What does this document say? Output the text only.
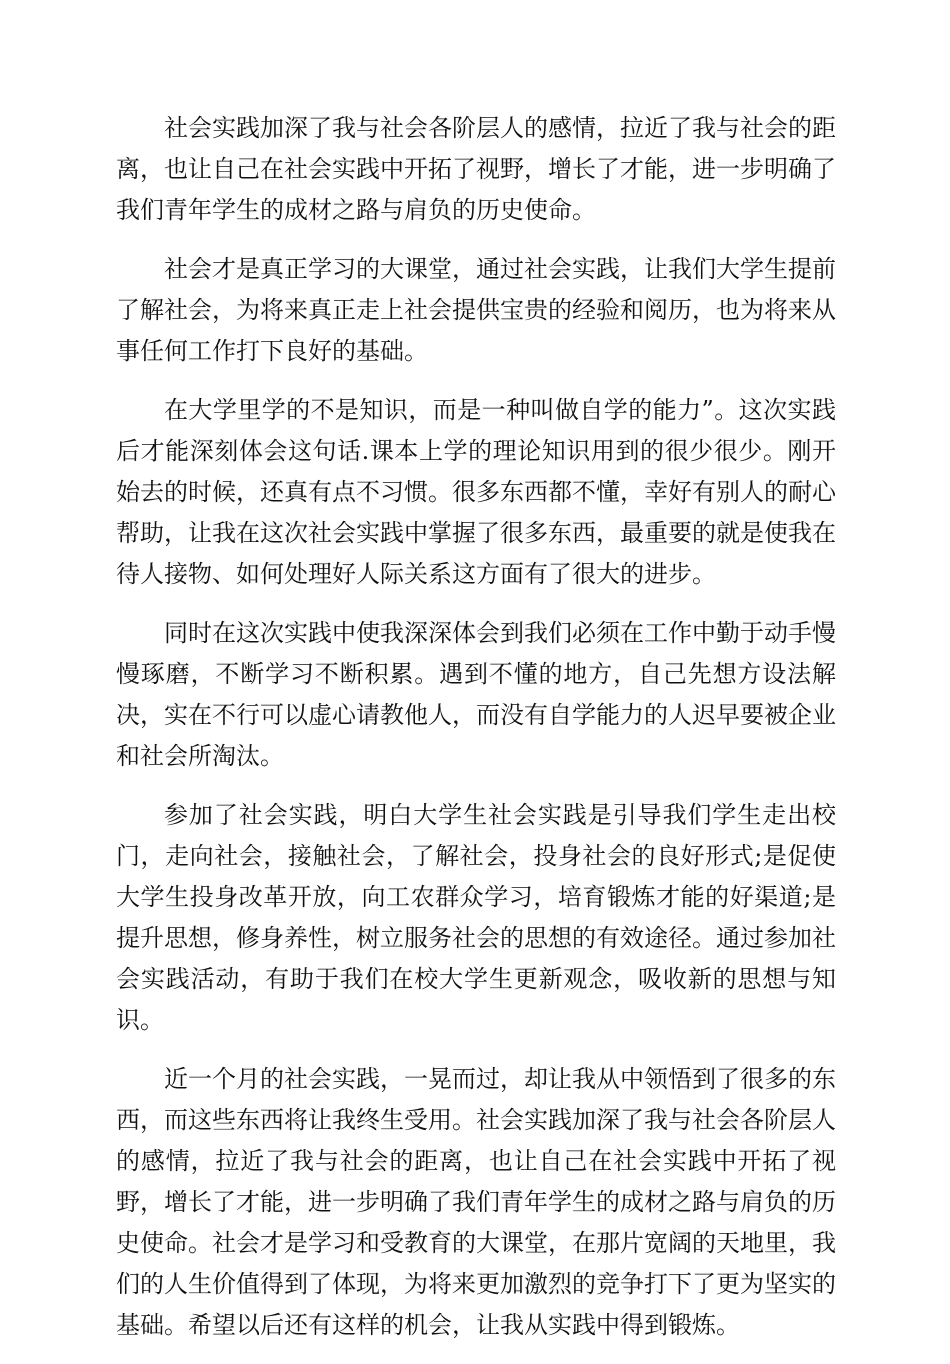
社会实践加深了我与社会各阶层人的感情，拉近了我与社会的距离，也让自己在社会实践中开拓了视野，增长了才能，进一步明确了我们青年学生的成材之路与肩负的历史使命。

社会才是真正学习的大课堂，通过社会实践，让我们大学生提前了解社会，为将来真正走上社会提供宝贵的经验和阅历，也为将来从事任何工作打下良好的基础。

在大学里学的不是知识，而是一种叫做自学的能力”。这次实践后才能深刻体会这句话.课本上学的理论知识用到的很少很少。刚开始去的时候，还真有点不习惯。很多东西都不懂，幸好有别人的耐心帮助，让我在这次社会实践中掌握了很多东西，最重要的就是使我在待人接物、如何处理好人际关系这方面有了很大的进步。

同时在这次实践中使我深深体会到我们必须在工作中勤于动手慢慢琢磨，不断学习不断积累。遇到不懂的地方，自己先想方设法解决，实在不行可以虚心请教他人，而没有自学能力的人迟早要被企业和社会所淘汰。

参加了社会实践，明白大学生社会实践是引导我们学生走出校门，走向社会，接触社会，了解社会，投身社会的良好形式;是促使大学生投身改革开放，向工农群众学习，培育锻炼才能的好渠道;是提升思想，修身养性，树立服务社会的思想的有效途径。通过参加社会实践活动，有助于我们在校大学生更新观念，吸收新的思想与知识。

近一个月的社会实践，一晃而过，却让我从中领悟到了很多的东西，而这些东西将让我终生受用。社会实践加深了我与社会各阶层人的感情，拉近了我与社会的距离，也让自己在社会实践中开拓了视野，增长了才能，进一步明确了我们青年学生的成材之路与肩负的历史使命。社会才是学习和受教育的大课堂，在那片宽阔的天地里，我们的人生价值得到了体现，为将来更加激烈的竞争打下了更为坚实的基础。希望以后还有这样的机会，让我从实践中得到锻炼。
